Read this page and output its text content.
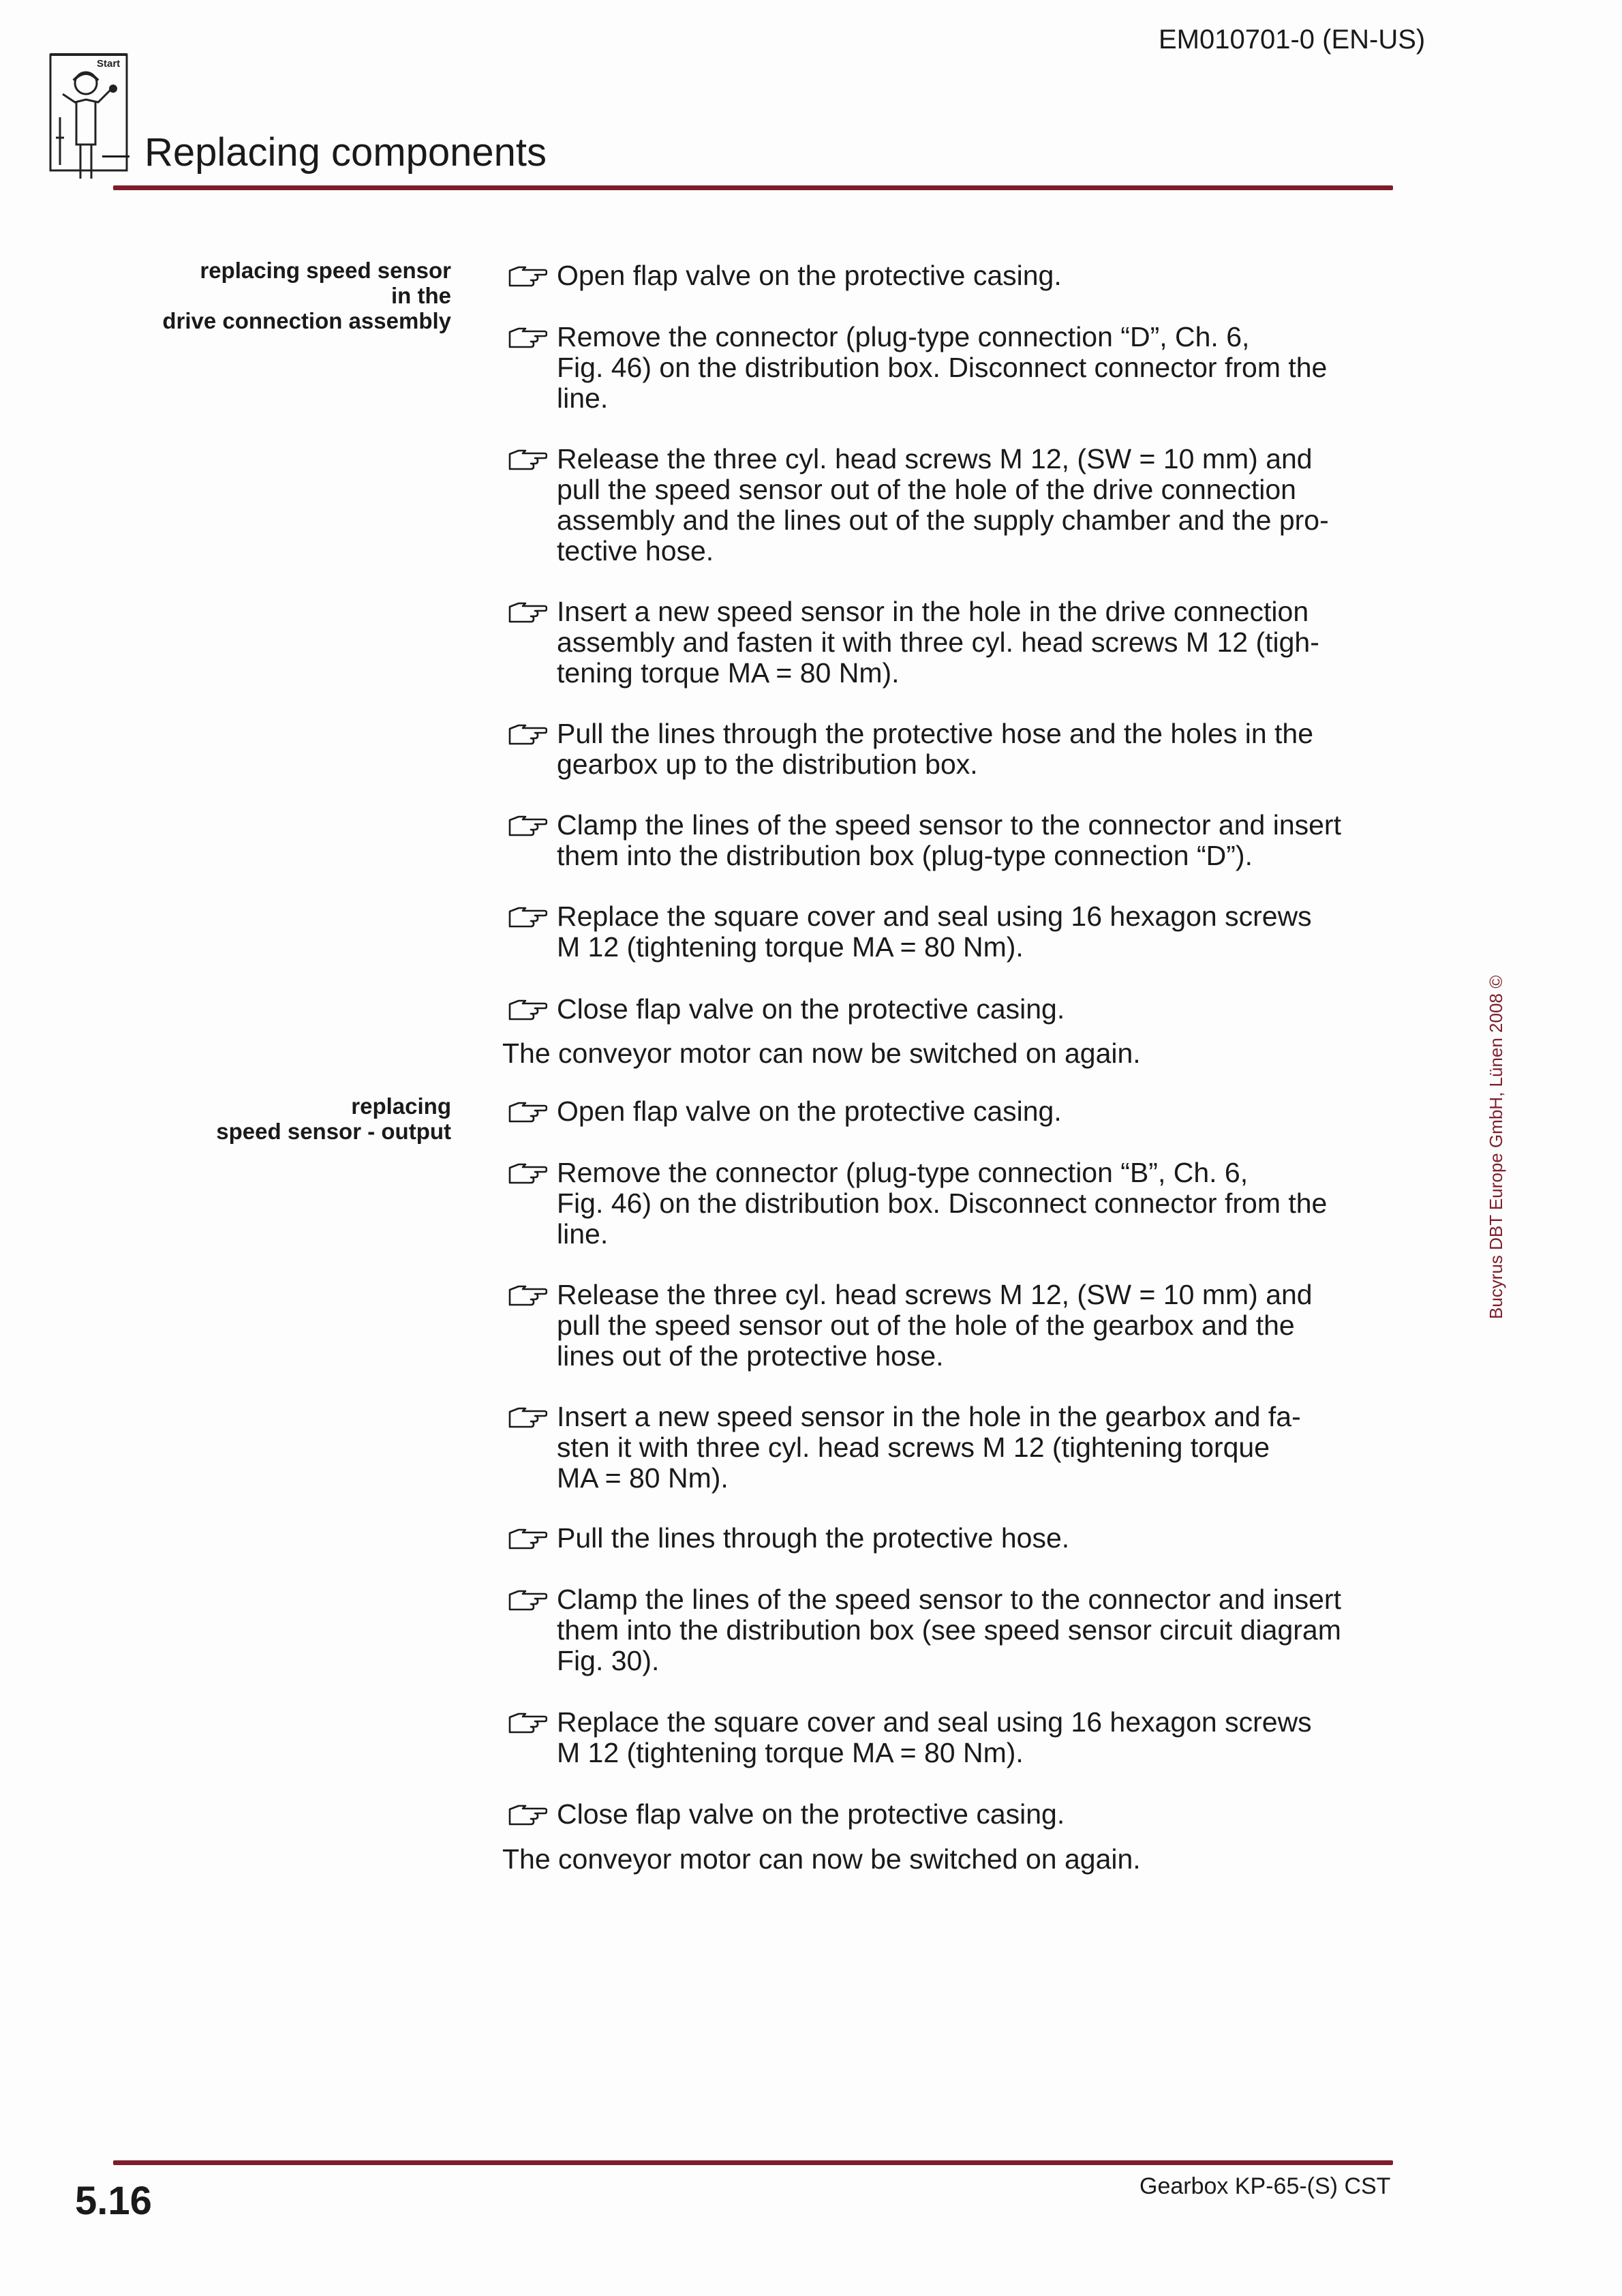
EM010701-0 (EN-US)
Start
Replacing components
replacing speed sensor
in the
drive connection assembly
Open flap valve on the protective casing.
Remove the connector (plug-type connection “D”, Ch. 6,
Fig. 46) on the distribution box. Disconnect connector from the
line.
Release the three cyl. head screws M 12, (SW = 10 mm) and
pull the speed sensor out of the hole of the drive connection
assembly and the lines out of the supply chamber and the pro-
tective hose.
Insert a new speed sensor in the hole in the drive connection
assembly and fasten it with three cyl. head screws M 12 (tigh-
tening torque MA = 80 Nm).
Pull the lines through the protective hose and the holes in the
gearbox up to the distribution box.
Clamp the lines of the speed sensor to the connector and insert
them into the distribution box (plug-type connection “D”).
Replace the square cover and seal using 16 hexagon screws
M 12 (tightening torque MA = 80 Nm).
Close flap valve on the protective casing.
The conveyor motor can now be switched on again.
replacing
speed sensor - output
Open flap valve on the protective casing.
Remove the connector (plug-type connection “B”, Ch. 6,
Fig. 46) on the distribution box. Disconnect connector from the
line.
Release the three cyl. head screws M 12, (SW = 10 mm) and
pull the speed sensor out of the hole of the gearbox and the
lines out of the protective hose.
Insert a new speed sensor in the hole in the gearbox and fa-
sten it with three cyl. head screws M 12 (tightening torque
MA = 80 Nm).
Pull the lines through the protective hose.
Clamp the lines of the speed sensor to the connector and insert
them into the distribution box (see speed sensor circuit diagram
Fig. 30).
Replace the square cover and seal using 16 hexagon screws
M 12 (tightening torque MA = 80 Nm).
Close flap valve on the protective casing.
The conveyor motor can now be switched on again.
Bucyrus DBT Europe GmbH, Lünen 2008 ©
5.16	Gearbox KP-65-(S) CST
